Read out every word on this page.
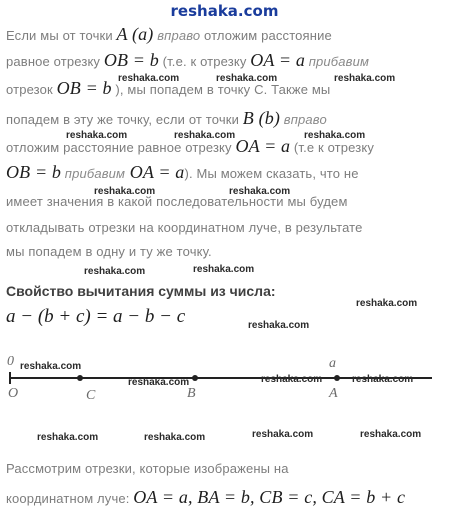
reshaka.com
Если мы от точки A (a) вправо отложим расстояние
равное отрезку OB = b (т.е. к отрезку OA = a прибавим
отрезок OB = b ), мы попадем в точку C. Также мы
попадем в эту же точку, если от точки B (b) вправо
отложим расстояние равное отрезку OA = a (т.е к отрезку
OB = b прибавим OA = a). Мы можем сказать, что не
имеет значения в какой последовательности мы будем
откладывать отрезки на координатном луче, в результате
мы попадем в одну и ту же точку.
Свойство вычитания суммы из числа:
a − (b + c) = a − b − c
0	a
O	C	B	A
Рассмотрим отрезки, которые изображены на
координатном луче: OA = a, BA = b, CB = c, CA = b + c
reshaka.com	reshaka.com	reshaka.com
reshaka.com	reshaka.com	reshaka.com
reshaka.com	reshaka.com
reshaka.com	reshaka.com
reshaka.com
reshaka.com
reshaka.com
reshaka.com	reshaka.com	reshaka.com
reshaka.com	reshaka.com	reshaka.com	reshaka.com
